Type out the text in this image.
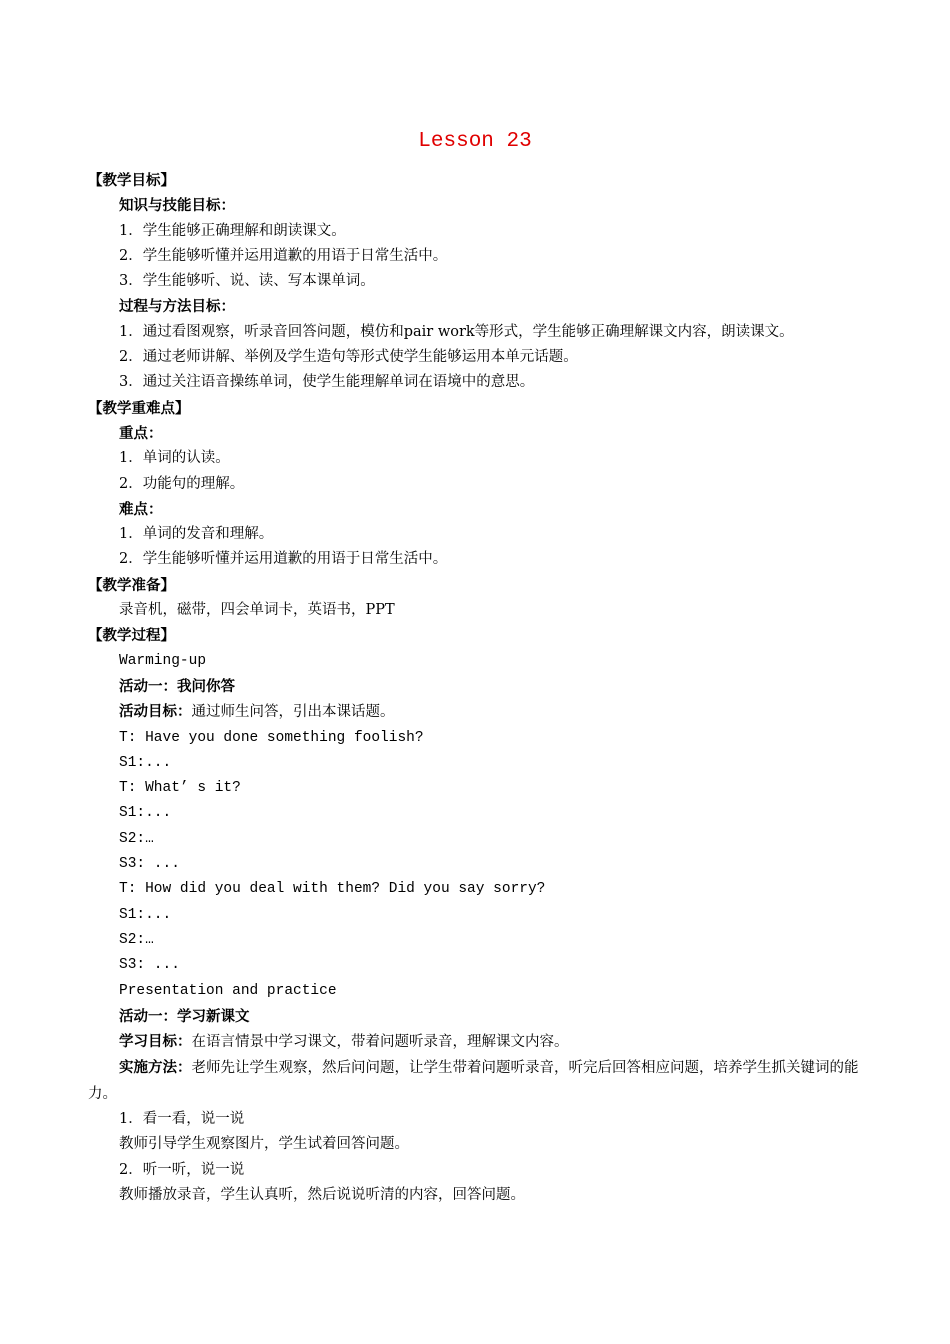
Lesson 23
【教学目标】
知识与技能目标：
1．学生能够正确理解和朗读课文。
2．学生能够听懂并运用道歉的用语于日常生活中。
3．学生能够听、说、读、写本课单词。
过程与方法目标：
1．通过看图观察，听录音回答问题，模仿和pair work等形式，学生能够正确理解课文内容，朗读课文。
2．通过老师讲解、举例及学生造句等形式使学生能够运用本单元话题。
3．通过关注语音操练单词，使学生能理解单词在语境中的意思。
【教学重难点】
重点：
1．单词的认读。
2．功能句的理解。
难点：
1．单词的发音和理解。
2．学生能够听懂并运用道歉的用语于日常生活中。
【教学准备】
录音机，磁带，四会单词卡，英语书，PPT
【教学过程】
Warming-up
活动一：我问你答
活动目标：通过师生问答，引出本课话题。
T: Have you done something foolish?
S1:...
T: What’ s it?
S1:...
S2:…
S3: ...
T: How did you deal with them? Did you say sorry?
S1:...
S2:…
S3: ...
Presentation and practice
活动一：学习新课文
学习目标：在语言情景中学习课文，带着问题听录音，理解课文内容。
实施方法：老师先让学生观察，然后问问题，让学生带着问题听录音，听完后回答相应问题，培养学生抓关键词的能力。
1．看一看，说一说
教师引导学生观察图片，学生试着回答问题。
2．听一听，说一说
教师播放录音，学生认真听，然后说说听清的内容，回答问题。
